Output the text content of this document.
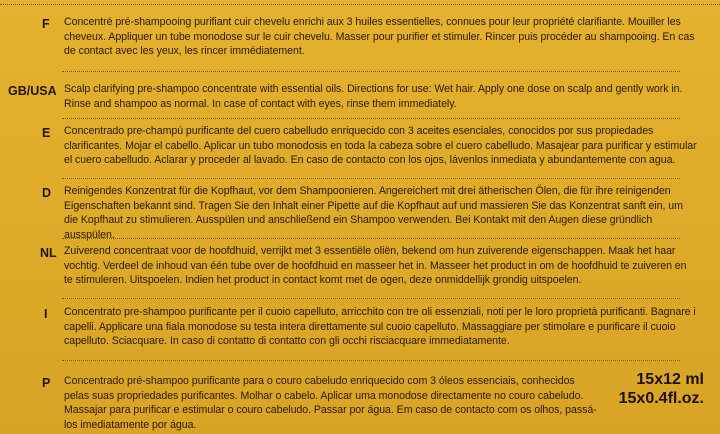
F Concentré pré-shampooing purifiant cuir chevelu enrichi aux 3 huiles essentielles, connues pour leur propriété clarifiante. Mouiller les cheveux. Appliquer un tube monodose sur le cuir chevelu. Masser pour purifier et stimuler. Rincer puis procéder au shampooing. En cas de contact avec les yeux, les rincer immédiatement.
GB/USA Scalp clarifying pre-shampoo concentrate with essential oils. Directions for use: Wet hair. Apply one dose on scalp and gently work in. Rinse and shampoo as normal. In case of contact with eyes, rinse them immediately.
E Concentrado pre-champú purificante del cuero cabelludo enriquecido con 3 aceites esenciales, conocidos por sus propiedades clarificantes. Mojar el cabello. Aplicar un tubo monodosis en toda la cabeza sobre el cuero cabelludo. Masajear para purificar y estimular el cuero cabelludo. Aclarar y proceder al lavado. En caso de contacto con los ojos, lávenlos inmediata y abundantemente con agua.
D Reinigendes Konzentrat für die Kopfhaut, vor dem Shampoonieren. Angereichert mit drei ätherischen Ölen, die für ihre reinigenden Eigenschaften bekannt sind. Tragen Sie den Inhalt einer Pipette auf die Kopfhaut auf und massieren Sie das Konzentrat sanft ein, um die Kopfhaut zu stimulieren. Ausspülen und anschließend ein Shampoo verwenden. Bei Kontakt mit den Augen diese gründlich ausspülen.
NL Zuiverend concentraat voor de hoofdhuid, verrijkt met 3 essentiële oliën, bekend om hun zuiverende eigenschappen. Maak het haar vochtig. Verdeel de inhoud van één tube over de hoofdhuid en masseer het in. Masseer het product in om de hoofdhuid te zuiveren en te stimuleren. Uitspoelen. Indien het product in contact komt met de ogen, deze onmiddellijk grondig uitspoelen.
I Concentrato pre-shampoo purificante per il cuoio capelluto, arricchito con tre oli essenziali, noti per le loro proprietà purificanti. Bagnare i capelli. Applicare una fiala monodose su testa intera direttamente sul cuoio capelluto. Massaggiare per stimolare e purificare il cuoio capelluto. Sciacquare. In caso di contatto di contatto con gli occhi risciacquare immediatamente.
P Concentrado pré-shampoo purificante para o couro cabeludo enriquecido com 3 óleos essenciais, conhecidos pelas suas propriedades purificantes. Molhar o cabelo. Aplicar uma monodose directamente no couro cabeludo. Massajar para purificar e estimular o couro cabeludo. Passar por água. Em caso de contacto com os olhos, passá-los imediatamente por água.
15x12 ml
15x0.4fl.oz.
